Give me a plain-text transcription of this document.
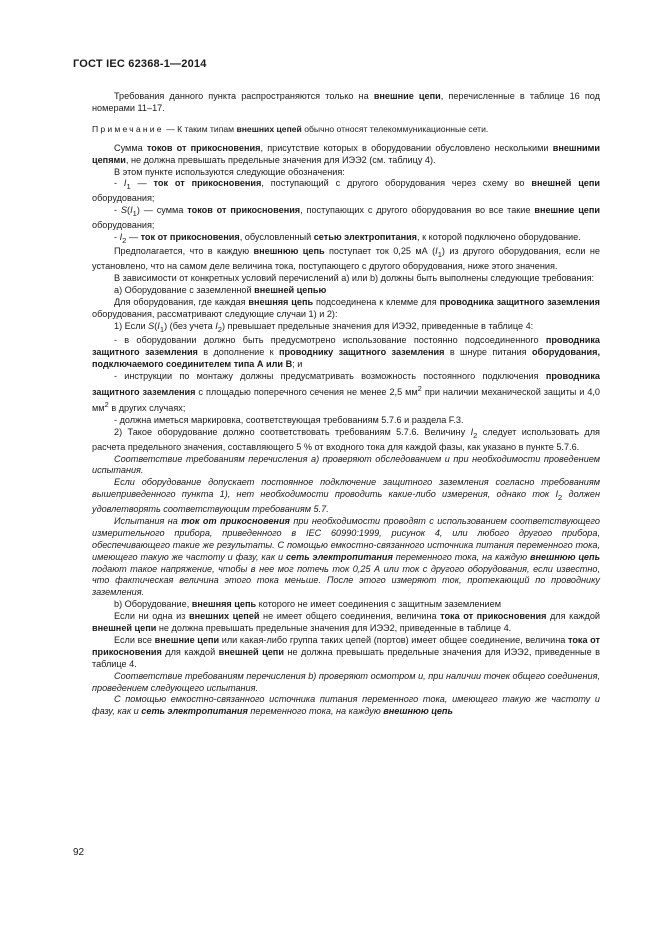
ГОСТ IEC 62368-1—2014

Требования данного пункта распространяются только на внешние цепи, перечисленные в таблице 16 под номерами 11–17.

Примечание — К таким типам внешних цепей обычно относят телекоммуникационные сети.

Сумма токов от прикосновения, присутствие которых в оборудовании обусловлено несколькими внешними цепями, не должна превышать предельные значения для ИЭЭ2 (см. таблицу 4).

В этом пункте используются следующие обозначения:

- $I_1$ — ток от прикосновения, поступающий с другого оборудования через схему во внешней цепи оборудования;

- $S(I_1)$ — сумма токов от прикосновения, поступающих с другого оборудования во все такие внешние цепи оборудования;

- $I_2$ — ток от прикосновения, обусловленный сетью электропитания, к которой подключено оборудование.

Предполагается, что в каждую внешнюю цепь поступает ток 0,25 мА $(I_1)$ из другого оборудования, если не установлено, что на самом деле величина тока, поступающего с другого оборудования, ниже этого значения.

В зависимости от конкретных условий перечислений a) или b) должны быть выполнены следующие требования:

a) Оборудование с заземленной внешней цепью

Для оборудования, где каждая внешняя цепь подсоединена к клемме для проводника защитного заземления оборудования, рассматривают следующие случаи 1) и 2):

1) Если $S(I_1)$ (без учета $I_2$) превышает предельные значения для ИЭЭ2, приведенные в таблице 4:

- в оборудовании должно быть предусмотрено использование постоянно подсоединенного проводника защитного заземления в дополнение к проводнику защитного заземления в шнуре питания оборудования, подключаемого соединителем типа А или В; и

- инструкции по монтажу должны предусматривать возможность постоянного подключения проводника защитного заземления с площадью поперечного сечения не менее 2,5 $мм^2$ при наличии механической защиты и 4,0 $мм^2$ в других случаях;

- должна иметься маркировка, соответствующая требованиям 5.7.6 и раздела F.3.

2) Такое оборудование должно соответствовать требованиям 5.7.6. Величину $I_2$ следует использовать для расчета предельного значения, составляющего 5 % от входного тока для каждой фазы, как указано в пункте 5.7.6.

Соответствие требованиям перечисления a) проверяют обследованием и при необходимости проведением испытания.

Если оборудование допускает постоянное подключение защитного заземления согласно требованиям вышеприведенного пункта 1), нет необходимости проводить какие-либо измерения, однако ток $I_2$ должен удовлетворять соответствующим требованиям 5.7.

Испытания на ток от прикосновения при необходимости проводят с использованием соответствующего измерительного прибора, приведенного в IEC 60990:1999, рисунок 4, или любого другого прибора, обеспечивающего такие же результаты. С помощью емкостно-связанного источника питания переменного тока, имеющего такую же частоту и фазу, как и сеть электропитания переменного тока, на каждую внешнюю цепь подают такое напряжение, чтобы в нее мог потечь ток 0,25 А или ток с другого оборудования, если известно, что фактическая величина этого тока меньше. После этого измеряют ток, протекающий по проводнику заземления.

b) Оборудование, внешняя цепь которого не имеет соединения с защитным заземлением

Если ни одна из внешних цепей не имеет общего соединения, величина тока от прикосновения для каждой внешней цепи не должна превышать предельные значения для ИЭЭ2, приведенные в таблице 4.

Если все внешние цепи или какая-либо группа таких цепей (портов) имеет общее соединение, величина тока от прикосновения для каждой внешней цепи не должна превышать предельные значения для ИЭЭ2, приведенные в таблице 4.

Соответствие требованиям перечисления b) проверяют осмотром и, при наличии точек общего соединения, проведением следующего испытания.

С помощью емкостно-связанного источника питания переменного тока, имеющего такую же частоту и фазу, как и сеть электропитания переменного тока, на каждую внешнюю цепь

92
